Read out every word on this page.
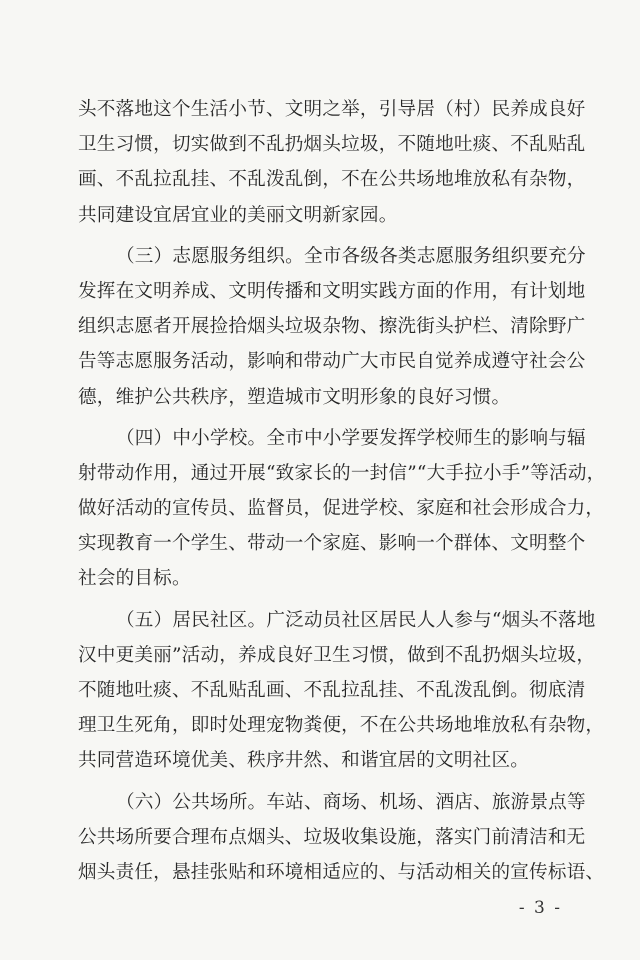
头不落地这个生活小节、文明之举，引导居（村）民养成良好
卫生习惯，切实做到不乱扔烟头垃圾，不随地吐痰、不乱贴乱
画、不乱拉乱挂、不乱泼乱倒，不在公共场地堆放私有杂物，
共同建设宜居宜业的美丽文明新家园。
（三）志愿服务组织。全市各级各类志愿服务组织要充分
发挥在文明养成、文明传播和文明实践方面的作用，有计划地
组织志愿者开展捡拾烟头垃圾杂物、擦洗街头护栏、清除野广
告等志愿服务活动，影响和带动广大市民自觉养成遵守社会公
德，维护公共秩序，塑造城市文明形象的良好习惯。
（四）中小学校。全市中小学要发挥学校师生的影响与辐
射带动作用，通过开展“致家长的一封信”“大手拉小手”等活动，
做好活动的宣传员、监督员，促进学校、家庭和社会形成合力，
实现教育一个学生、带动一个家庭、影响一个群体、文明整个
社会的目标。
（五）居民社区。广泛动员社区居民人人参与“烟头不落地
汉中更美丽”活动，养成良好卫生习惯，做到不乱扔烟头垃圾，
不随地吐痰、不乱贴乱画、不乱拉乱挂、不乱泼乱倒。彻底清
理卫生死角，即时处理宠物粪便，不在公共场地堆放私有杂物，
共同营造环境优美、秩序井然、和谐宜居的文明社区。
（六）公共场所。车站、商场、机场、酒店、旅游景点等
公共场所要合理布点烟头、垃圾收集设施，落实门前清洁和无
烟头责任，悬挂张贴和环境相适应的、与活动相关的宣传标语、
- 3 -
